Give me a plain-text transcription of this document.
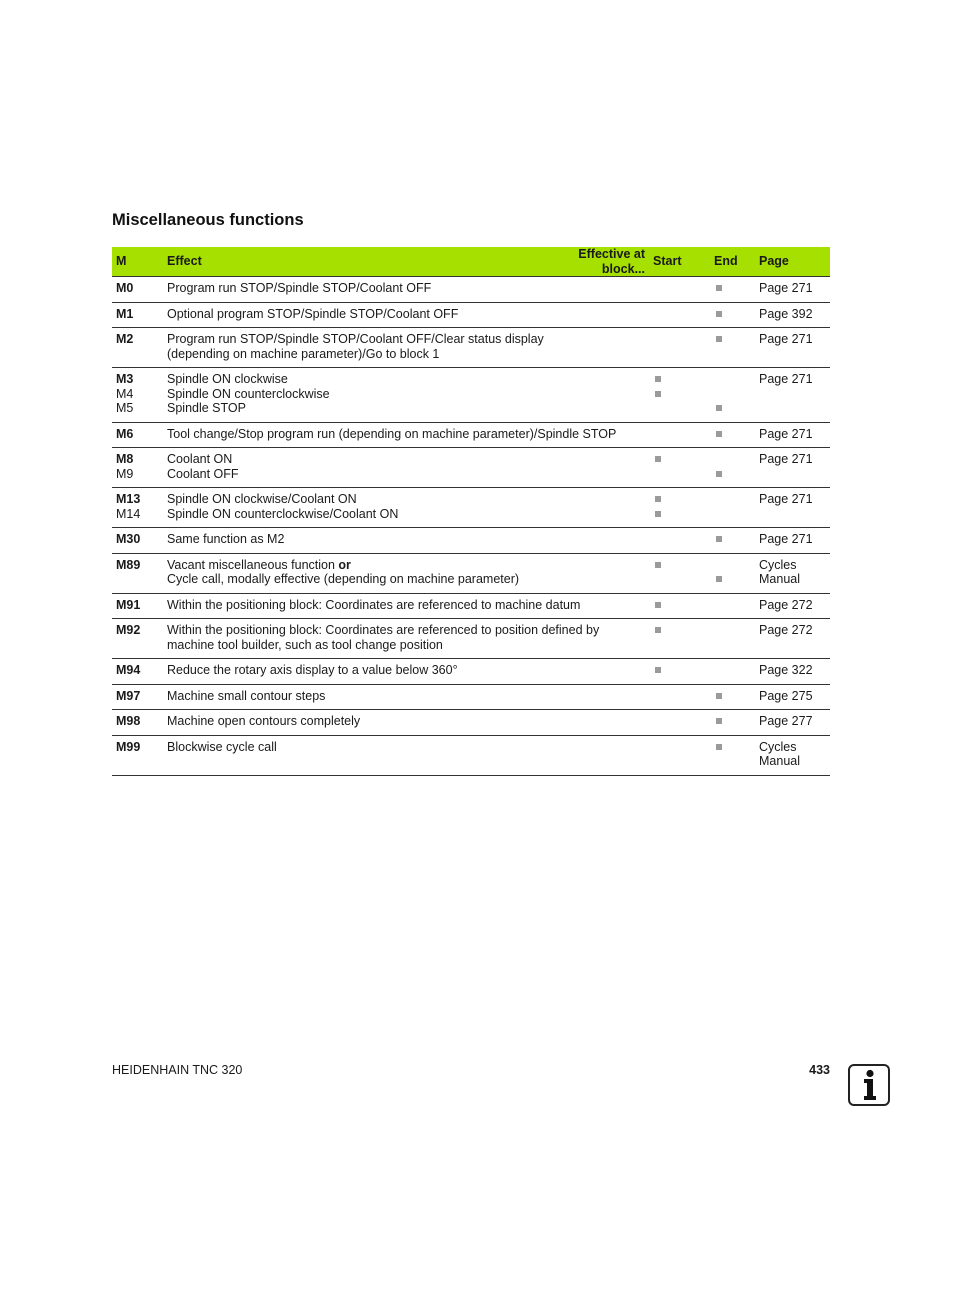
Miscellaneous functions
M	Effect	Effective at block...	Start	End	Page

M0	Program run STOP/Spindle STOP/Coolant OFF				Page 271

M1	Optional program STOP/Spindle STOP/Coolant OFF				Page 392

M2	Program run STOP/Spindle STOP/Coolant OFF/Clear status display
(depending on machine parameter)/Go to block 1				Page 271

M3
M4
M5	Spindle ON clockwise
Spindle ON counterclockwise
Spindle STOP				Page 271

M6	Tool change/Stop program run (depending on machine parameter)/Spindle STOP				Page 271

M8
M9	Coolant ON
Coolant OFF				Page 271

M13
M14	Spindle ON clockwise/Coolant ON
Spindle ON counterclockwise/Coolant ON				Page 271

M30	Same function as M2				Page 271

M89	Vacant miscellaneous function or
Cycle call, modally effective (depending on machine parameter)				Cycles
Manual

M91	Within the positioning block: Coordinates are referenced to machine datum				Page 272

M92	Within the positioning block: Coordinates are referenced to position defined by
machine tool builder, such as tool change position				Page 272

M94	Reduce the rotary axis display to a value below 360°				Page 322

M97	Machine small contour steps				Page 275

M98	Machine open contours completely				Page 277

M99	Blockwise cycle call				Cycles
Manual
HEIDENHAIN TNC 320	433
